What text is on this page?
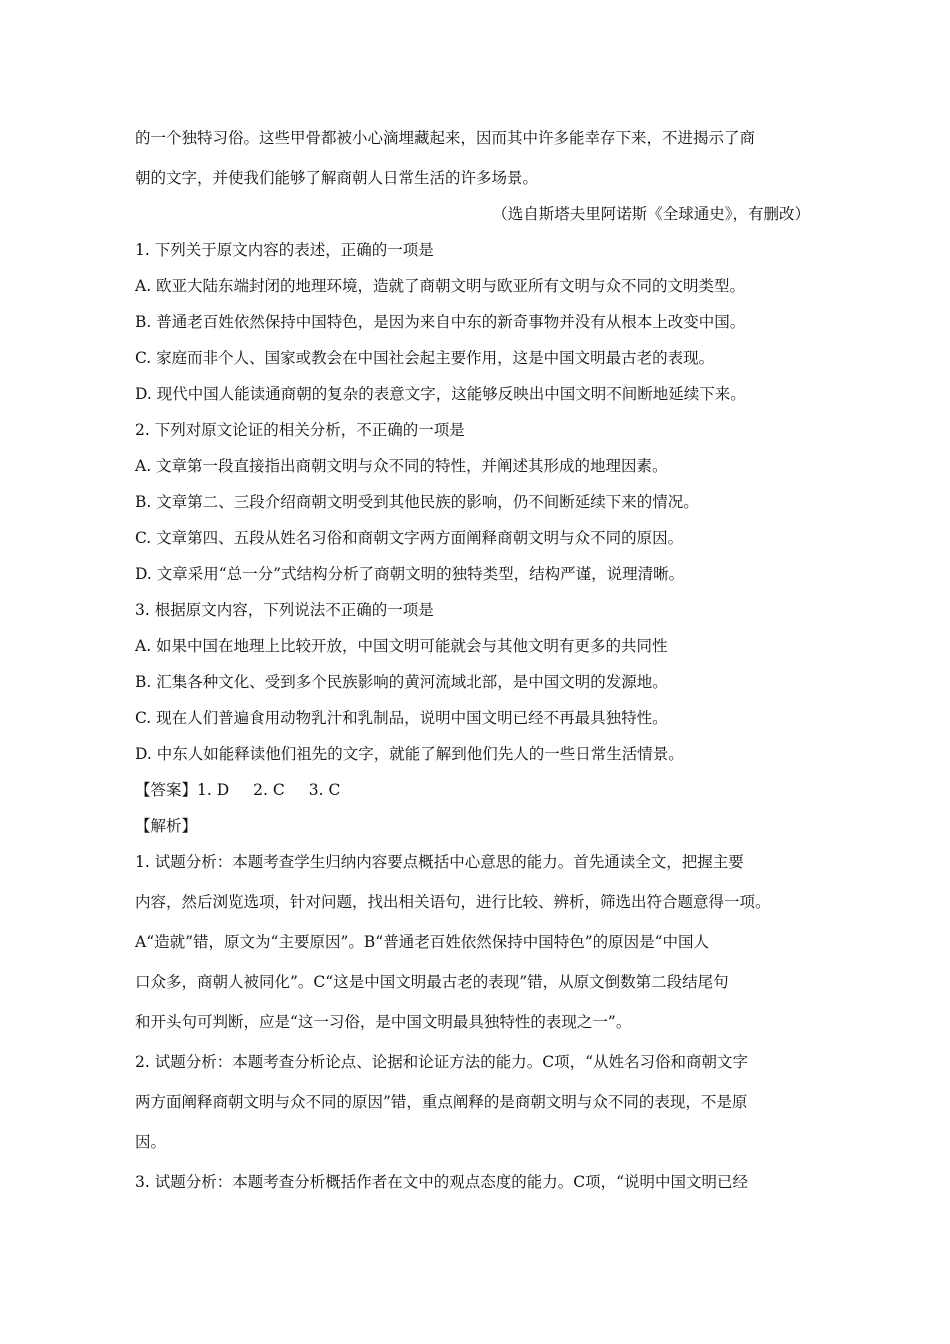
的一个独特习俗。这些甲骨都被小心滴埋藏起来，因而其中许多能幸存下来，不进揭示了商
朝的文字，并使我们能够了解商朝人日常生活的许多场景。
（选自斯塔夫里阿诺斯《全球通史》，有删改）
1. 下列关于原文内容的表述，正确的一项是
A. 欧亚大陆东端封闭的地理环境，造就了商朝文明与欧亚所有文明与众不同的文明类型。
B. 普通老百姓依然保持中国特色，是因为来自中东的新奇事物并没有从根本上改变中国。
C. 家庭而非个人、国家或教会在中国社会起主要作用，这是中国文明最古老的表现。
D. 现代中国人能读通商朝的复杂的表意文字，这能够反映出中国文明不间断地延续下来。
2. 下列对原文论证的相关分析，不正确的一项是
A. 文章第一段直接指出商朝文明与众不同的特性，并阐述其形成的地理因素。
B. 文章第二、三段介绍商朝文明受到其他民族的影响，仍不间断延续下来的情况。
C. 文章第四、五段从姓名习俗和商朝文字两方面阐释商朝文明与众不同的原因。
D. 文章采用“总一分”式结构分析了商朝文明的独特类型，结构严谨，说理清晰。
3. 根据原文内容，下列说法不正确的一项是
A. 如果中国在地理上比较开放，中国文明可能就会与其他文明有更多的共同性
B. 汇集各种文化、受到多个民族影响的黄河流域北部，是中国文明的发源地。
C. 现在人们普遍食用动物乳汁和乳制品，说明中国文明已经不再最具独特性。
D. 中东人如能释读他们祖先的文字，就能了解到他们先人的一些日常生活情景。
【答案】1. D 2. C 3. C
【解析】
1. 试题分析：本题考查学生归纳内容要点概括中心意思的能力。首先通读全文，把握主要
内容，然后浏览选项，针对问题，找出相关语句，进行比较、辨析，筛选出符合题意得一项。
A“造就”错，原文为“主要原因”。B“普通老百姓依然保持中国特色”的原因是“中国人
口众多，商朝人被同化”。C“这是中国文明最古老的表现”错，从原文倒数第二段结尾句
和开头句可判断，应是“这一习俗，是中国文明最具独特性的表现之一”。
2. 试题分析：本题考查分析论点、论据和论证方法的能力。C项，“从姓名习俗和商朝文字
两方面阐释商朝文明与众不同的原因”错，重点阐释的是商朝文明与众不同的表现，不是原
因。
3. 试题分析：本题考查分析概括作者在文中的观点态度的能力。C项，“说明中国文明已经
